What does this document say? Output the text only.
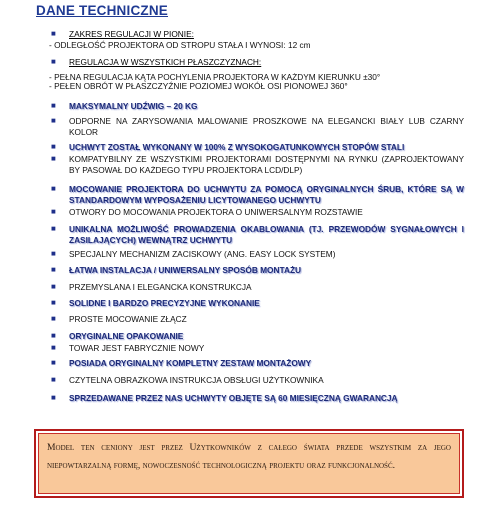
DANE TECHNICZNE
■	ZAKRES REGULACJI W PIONIE:
- ODLEGŁOŚĆ PROJEKTORA OD STROPU STAŁA I WYNOSI: 12 cm
■	REGULACJA W WSZYSTKICH PŁASZCZYZNACH:
- PEŁNA REGULACJA KĄTA POCHYLENIA PROJEKTORA W KAŻDYM KIERUNKU ±30°
- PEŁEN OBRÓT W PŁASZCZYŹNIE POZIOMEJ WOKÓŁ OSI PIONOWEJ 360°
■	MAKSYMALNY UDŹWIG – 20 KG
■	ODPORNE NA ZARYSOWANIA MALOWANIE PROSZKOWE NA ELEGANCKI BIAŁY LUB CZARNY KOLOR
■	UCHWYT ZOSTAŁ WYKONANY W 100% Z WYSOKOGATUNKOWYCH STOPÓW STALI
■	KOMPATYBILNY ZE WSZYSTKIMI PROJEKTORAMI DOSTĘPNYMI NA RYNKU (ZAPROJEKTOWANY BY PASOWAŁ DO KAŻDEGO TYPU PROJEKTORA LCD/DLP)
■	MOCOWANIE PROJEKTORA DO UCHWYTU ZA POMOCĄ ORYGINALNYCH ŚRUB, KTÓRE SĄ W STANDARDOWYM WYPOSAŻENIU LICYTOWANEGO UCHWYTU
■	OTWORY DO MOCOWANIA PROJEKTORA O UNIWERSALNYM ROZSTAWIE
■	UNIKALNA MOŻLIWOŚĆ PROWADZENIA OKABLOWANIA (TJ. PRZEWODÓW SYGNAŁOWYCH I ZASILAJĄCYCH) WEWNĄTRZ UCHWYTU
■	SPECJALNY MECHANIZM ZACISKOWY (ANG. EASY LOCK SYSTEM)
■	ŁATWA INSTALACJA / UNIWERSALNY SPOSÓB MONTAŻU
■	PRZEMYSLANA I ELEGANCKA KONSTRUKCJA
■	SOLIDNE I BARDZO PRECYZYJNE WYKONANIE
■	PROSTE MOCOWANIE ZŁĄCZ
■	ORYGINALNE OPAKOWANIE
■	TOWAR JEST FABRYCZNIE NOWY
■	POSIADA ORYGINALNY KOMPLETNY ZESTAW MONTAŻOWY
■	CZYTELNA OBRAZKOWA INSTRUKCJA OBSŁUGI UŻYTKOWNIKA
■	SPRZEDAWANE PRZEZ NAS UCHWYTY OBJĘTE SĄ 60 MIESIĘCZNĄ GWARANCJĄ
Model ten ceniony jest przez Użytkowników z całego świata przede wszystkim za jego niepowtarzalną formę, nowoczesność technologiczną projektu oraz funkcjonalność.
